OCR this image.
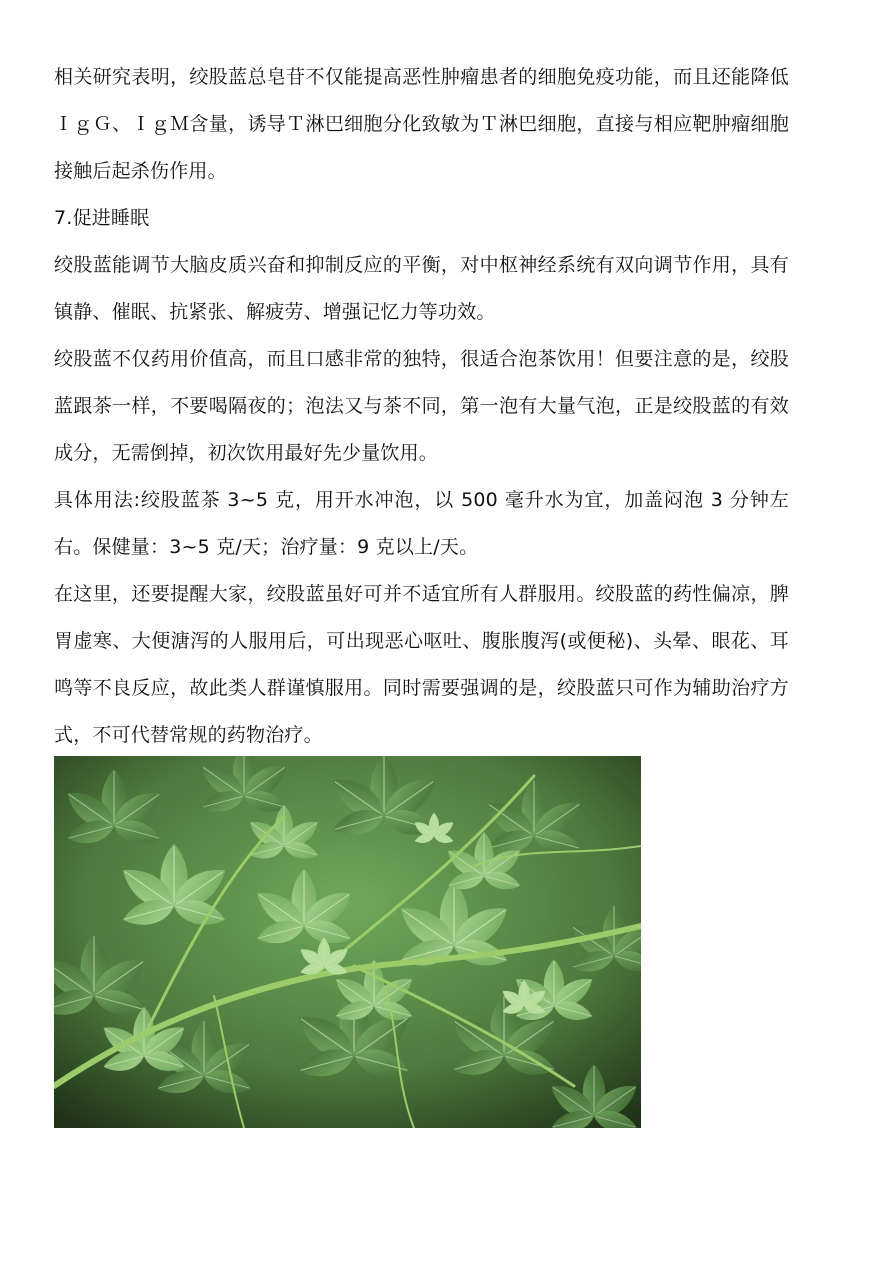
相关研究表明，绞股蓝总皂苷不仅能提高恶性肿瘤患者的细胞免疫功能，而且还能降低ＩｇＧ、ＩｇＭ含量，诱导Ｔ淋巴细胞分化致敏为Ｔ淋巴细胞，直接与相应靶肿瘤细胞接触后起杀伤作用。

7.促进睡眠

绞股蓝能调节大脑皮质兴奋和抑制反应的平衡，对中枢神经系统有双向调节作用，具有镇静、催眠、抗紧张、解疲劳、增强记忆力等功效。

绞股蓝不仅药用价值高，而且口感非常的独特，很适合泡茶饮用！但要注意的是，绞股蓝跟茶一样，不要喝隔夜的；泡法又与茶不同，第一泡有大量气泡，正是绞股蓝的有效成分，无需倒掉，初次饮用最好先少量饮用。

具体用法:绞股蓝茶 3~5 克，用开水冲泡，以 500 毫升水为宜，加盖闷泡 3 分钟左右。保健量：3~5 克/天；治疗量：9 克以上/天。

在这里，还要提醒大家，绞股蓝虽好可并不适宜所有人群服用。绞股蓝的药性偏凉，脾胃虚寒、大便溏泻的人服用后，可出现恶心呕吐、腹胀腹泻(或便秘)、头晕、眼花、耳鸣等不良反应，故此类人群谨慎服用。同时需要强调的是，绞股蓝只可作为辅助治疗方式，不可代替常规的药物治疗。
